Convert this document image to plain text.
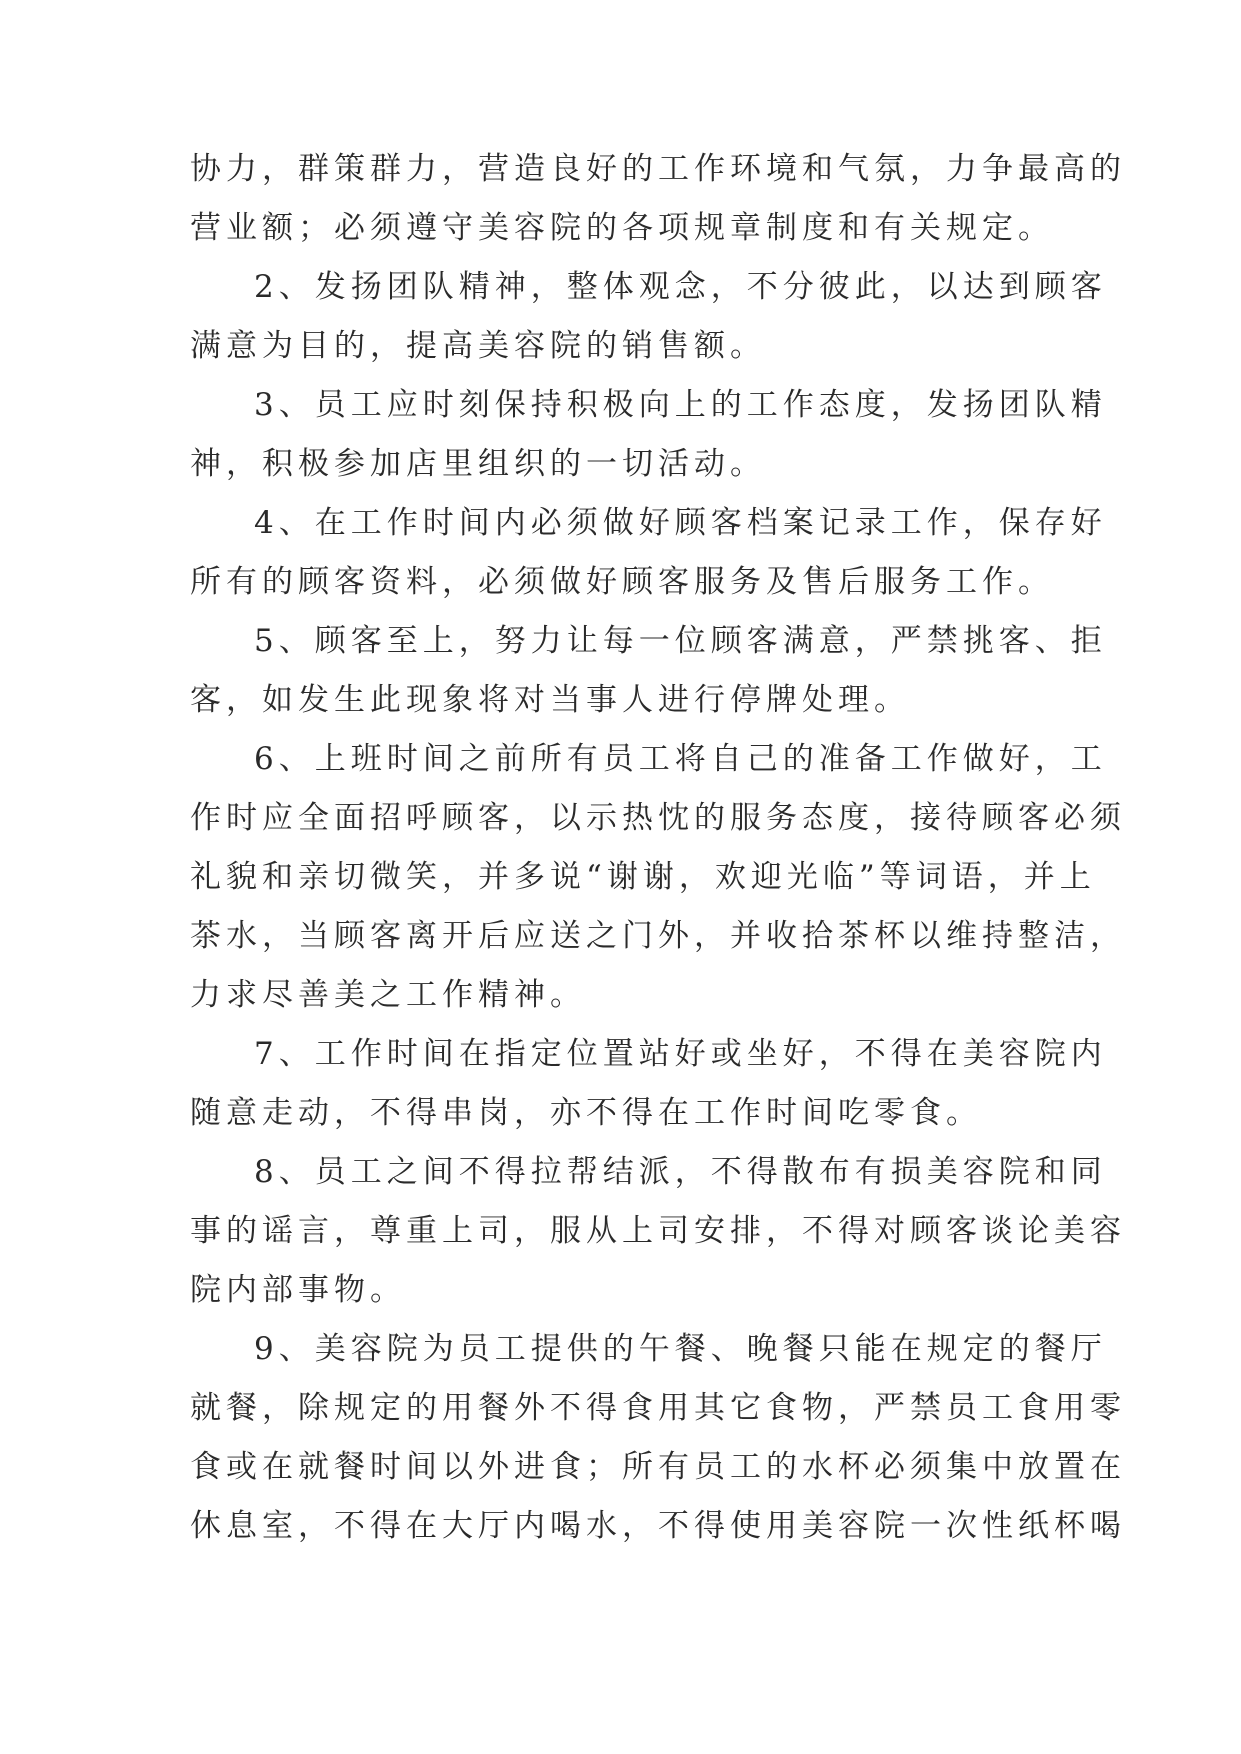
协力，群策群力，营造良好的工作环境和气氛，力争最高的
营业额；必须遵守美容院的各项规章制度和有关规定。
2、发扬团队精神，整体观念，不分彼此，以达到顾客
满意为目的，提高美容院的销售额。
3、员工应时刻保持积极向上的工作态度，发扬团队精
神，积极参加店里组织的一切活动。
4、在工作时间内必须做好顾客档案记录工作，保存好
所有的顾客资料，必须做好顾客服务及售后服务工作。
5、顾客至上，努力让每一位顾客满意，严禁挑客、拒
客，如发生此现象将对当事人进行停牌处理。
6、上班时间之前所有员工将自己的准备工作做好，工
作时应全面招呼顾客，以示热忱的服务态度，接待顾客必须
礼貌和亲切微笑，并多说“谢谢，欢迎光临”等词语，并上
茶水，当顾客离开后应送之门外，并收拾茶杯以维持整洁，
力求尽善美之工作精神。
7、工作时间在指定位置站好或坐好，不得在美容院内
随意走动，不得串岗，亦不得在工作时间吃零食。
8、员工之间不得拉帮结派，不得散布有损美容院和同
事的谣言，尊重上司，服从上司安排，不得对顾客谈论美容
院内部事物。
9、美容院为员工提供的午餐、晚餐只能在规定的餐厅
就餐，除规定的用餐外不得食用其它食物，严禁员工食用零
食或在就餐时间以外进食；所有员工的水杯必须集中放置在
休息室，不得在大厅内喝水，不得使用美容院一次性纸杯喝
